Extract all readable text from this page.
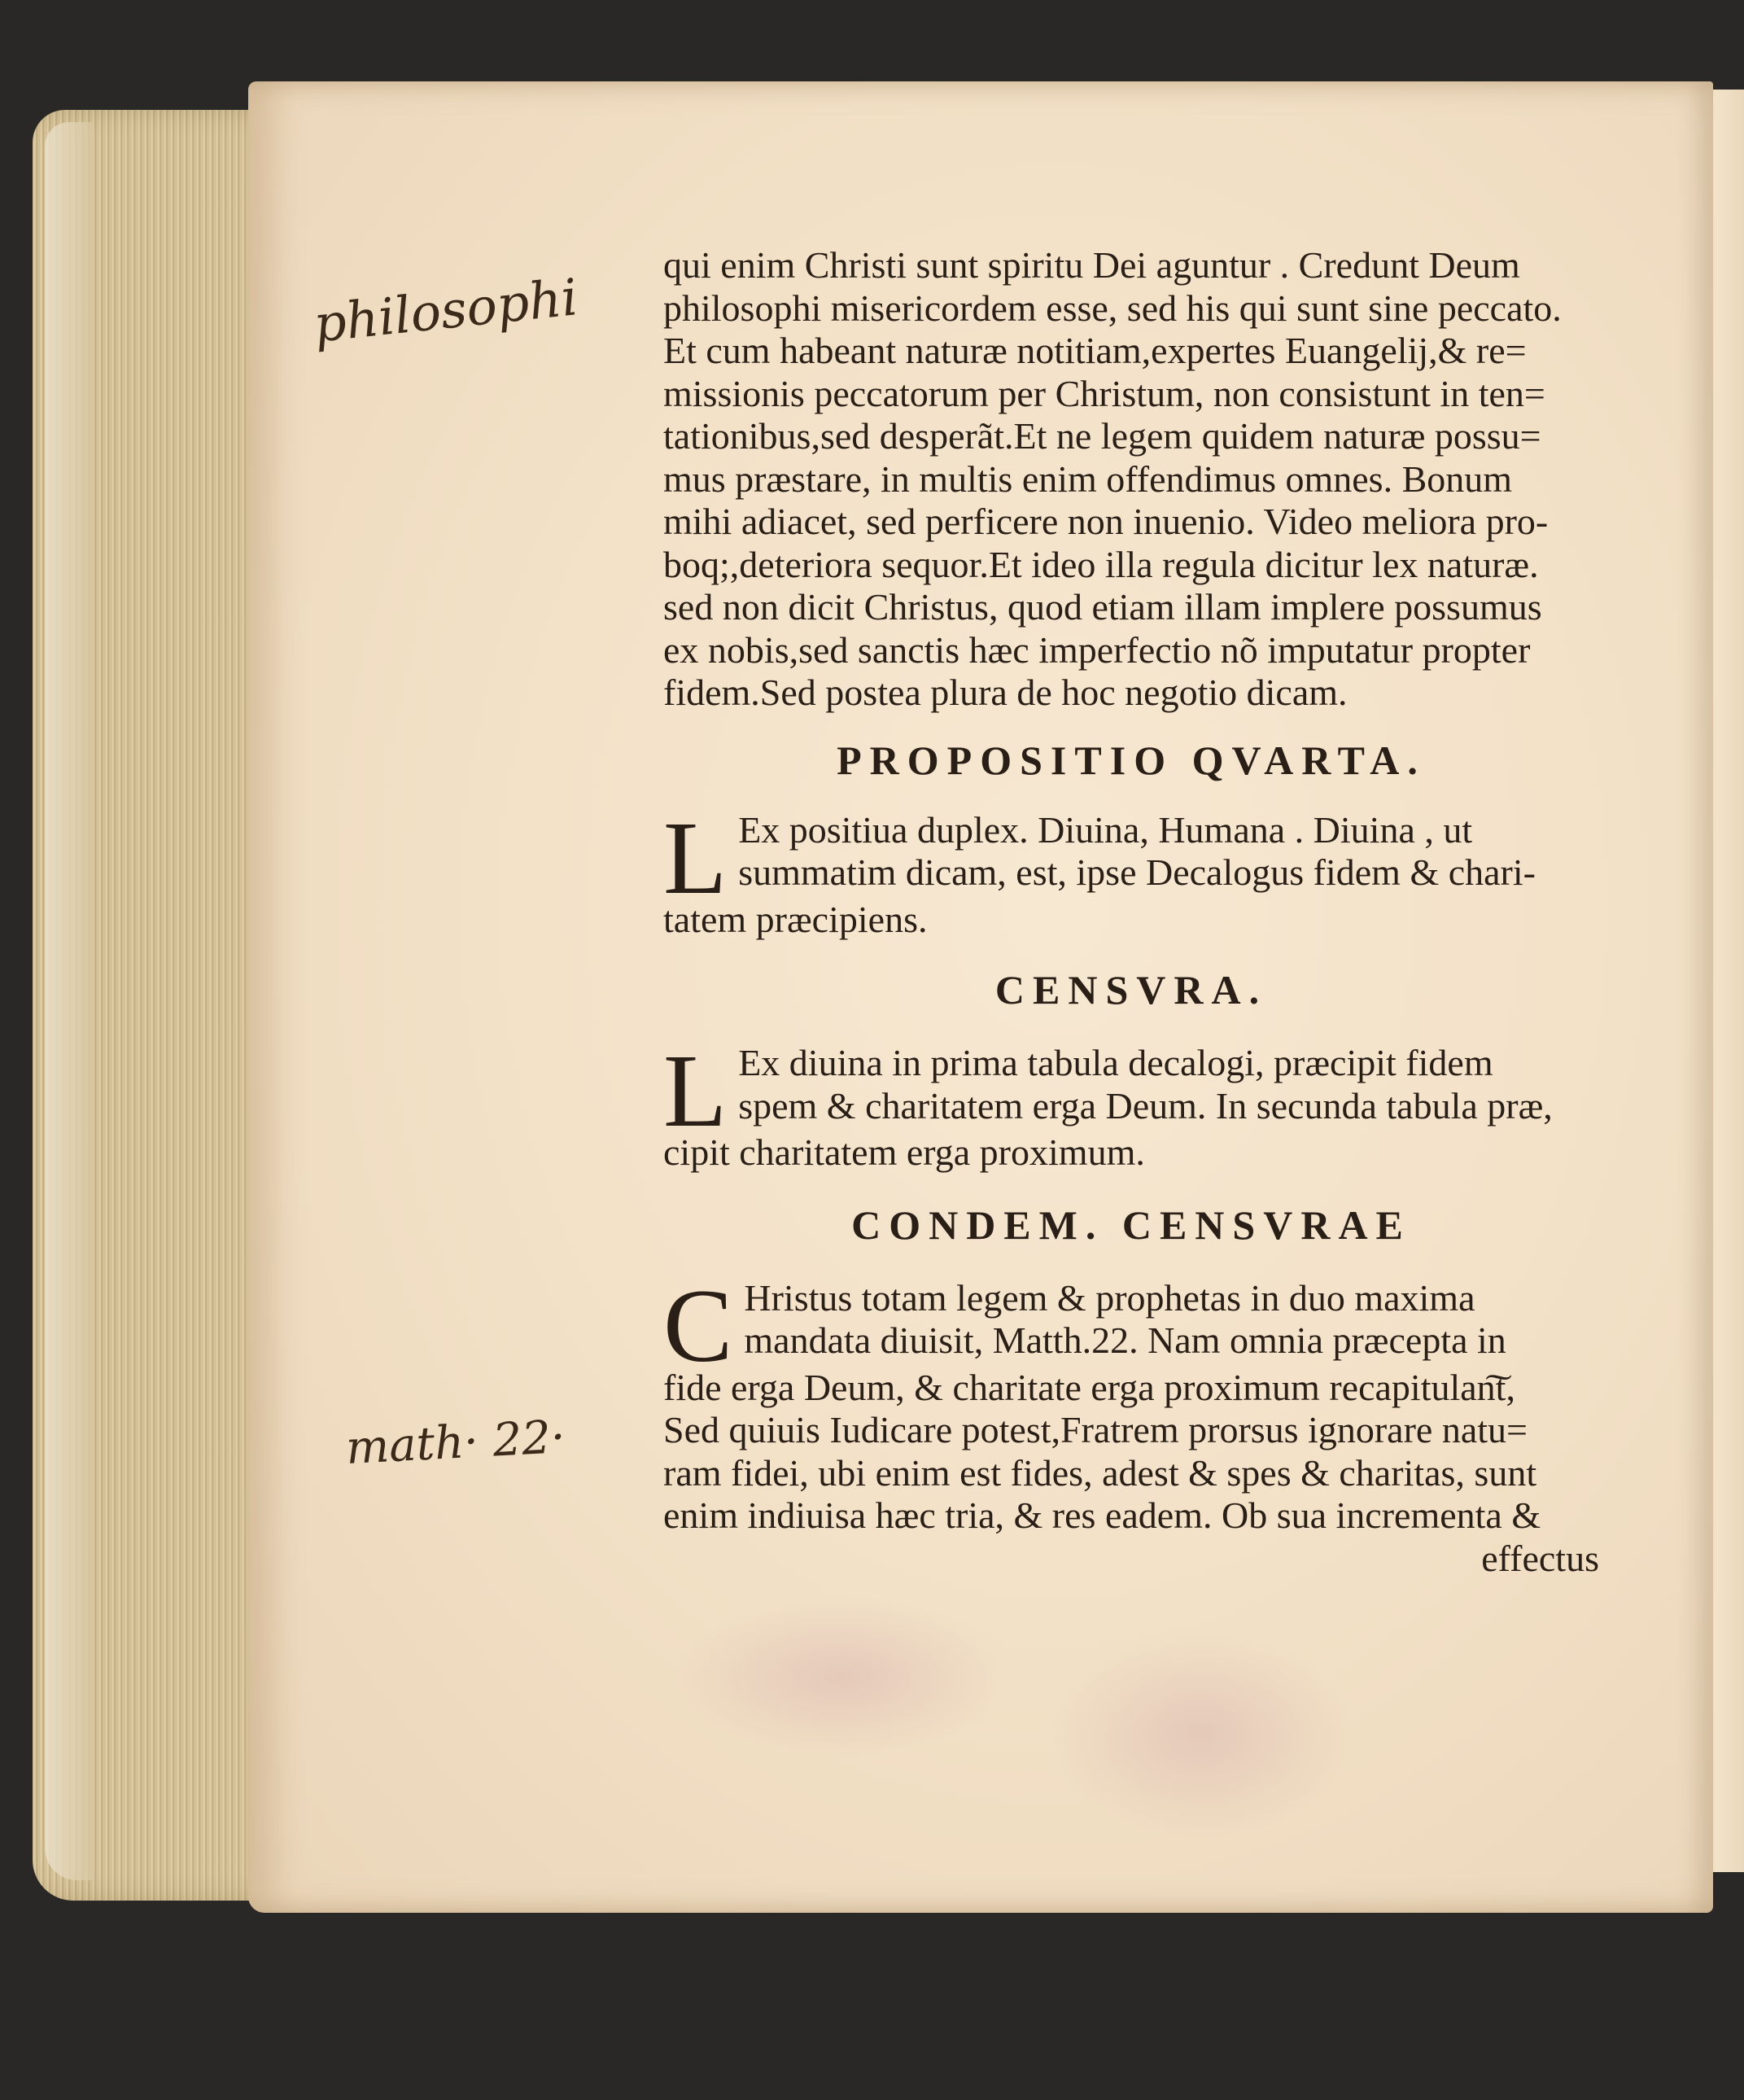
philosophi
math· 22·
qui enim Christi sunt spiritu Dei aguntur . Credunt Deum
philosophi misericordem esse, sed his qui sunt sine peccato.
Et cum habeant naturæ notitiam,expertes Euangelij,& re=
missionis peccatorum per Christum, non consistunt in ten=
tationibus,sed desperãt.Et ne legem quidem naturæ possu=
mus præstare, in multis enim offendimus omnes. Bonum
mihi adiacet, sed perficere non inuenio. Video meliora pro-
boq;,deteriora sequor.Et ideo illa regula dicitur lex naturæ.
sed non dicit Christus, quod etiam illam implere possumus
ex nobis,sed sanctis hæc imperfectio nõ imputatur propter
fidem.Sed postea plura de hoc negotio dicam.
PROPOSITIO QVARTA.
L Ex positiua duplex. Diuina, Humana . Diuina , ut
summatim dicam, est, ipse Decalogus fidem & chari-
tatem præcipiens.
CENSVRA.
L Ex diuina in prima tabula decalogi, præcipit fidem
spem & charitatem erga Deum. In secunda tabula præ,
cipit charitatem erga proximum.
CONDEM. CENSVRAE
C Hristus totam legem & prophetas in duo maxima
mandata diuisit, Matth.22. Nam omnia præcepta in
fide erga Deum, & charitate erga proximum recapitulan͠t,
Sed quiuis Iudicare potest,Fratrem prorsus ignorare natu=
ram fidei, ubi enim est fides, adest & spes & charitas, sunt
enim indiuisa hæc tria, & res eadem. Ob sua incrementa &
effectus
